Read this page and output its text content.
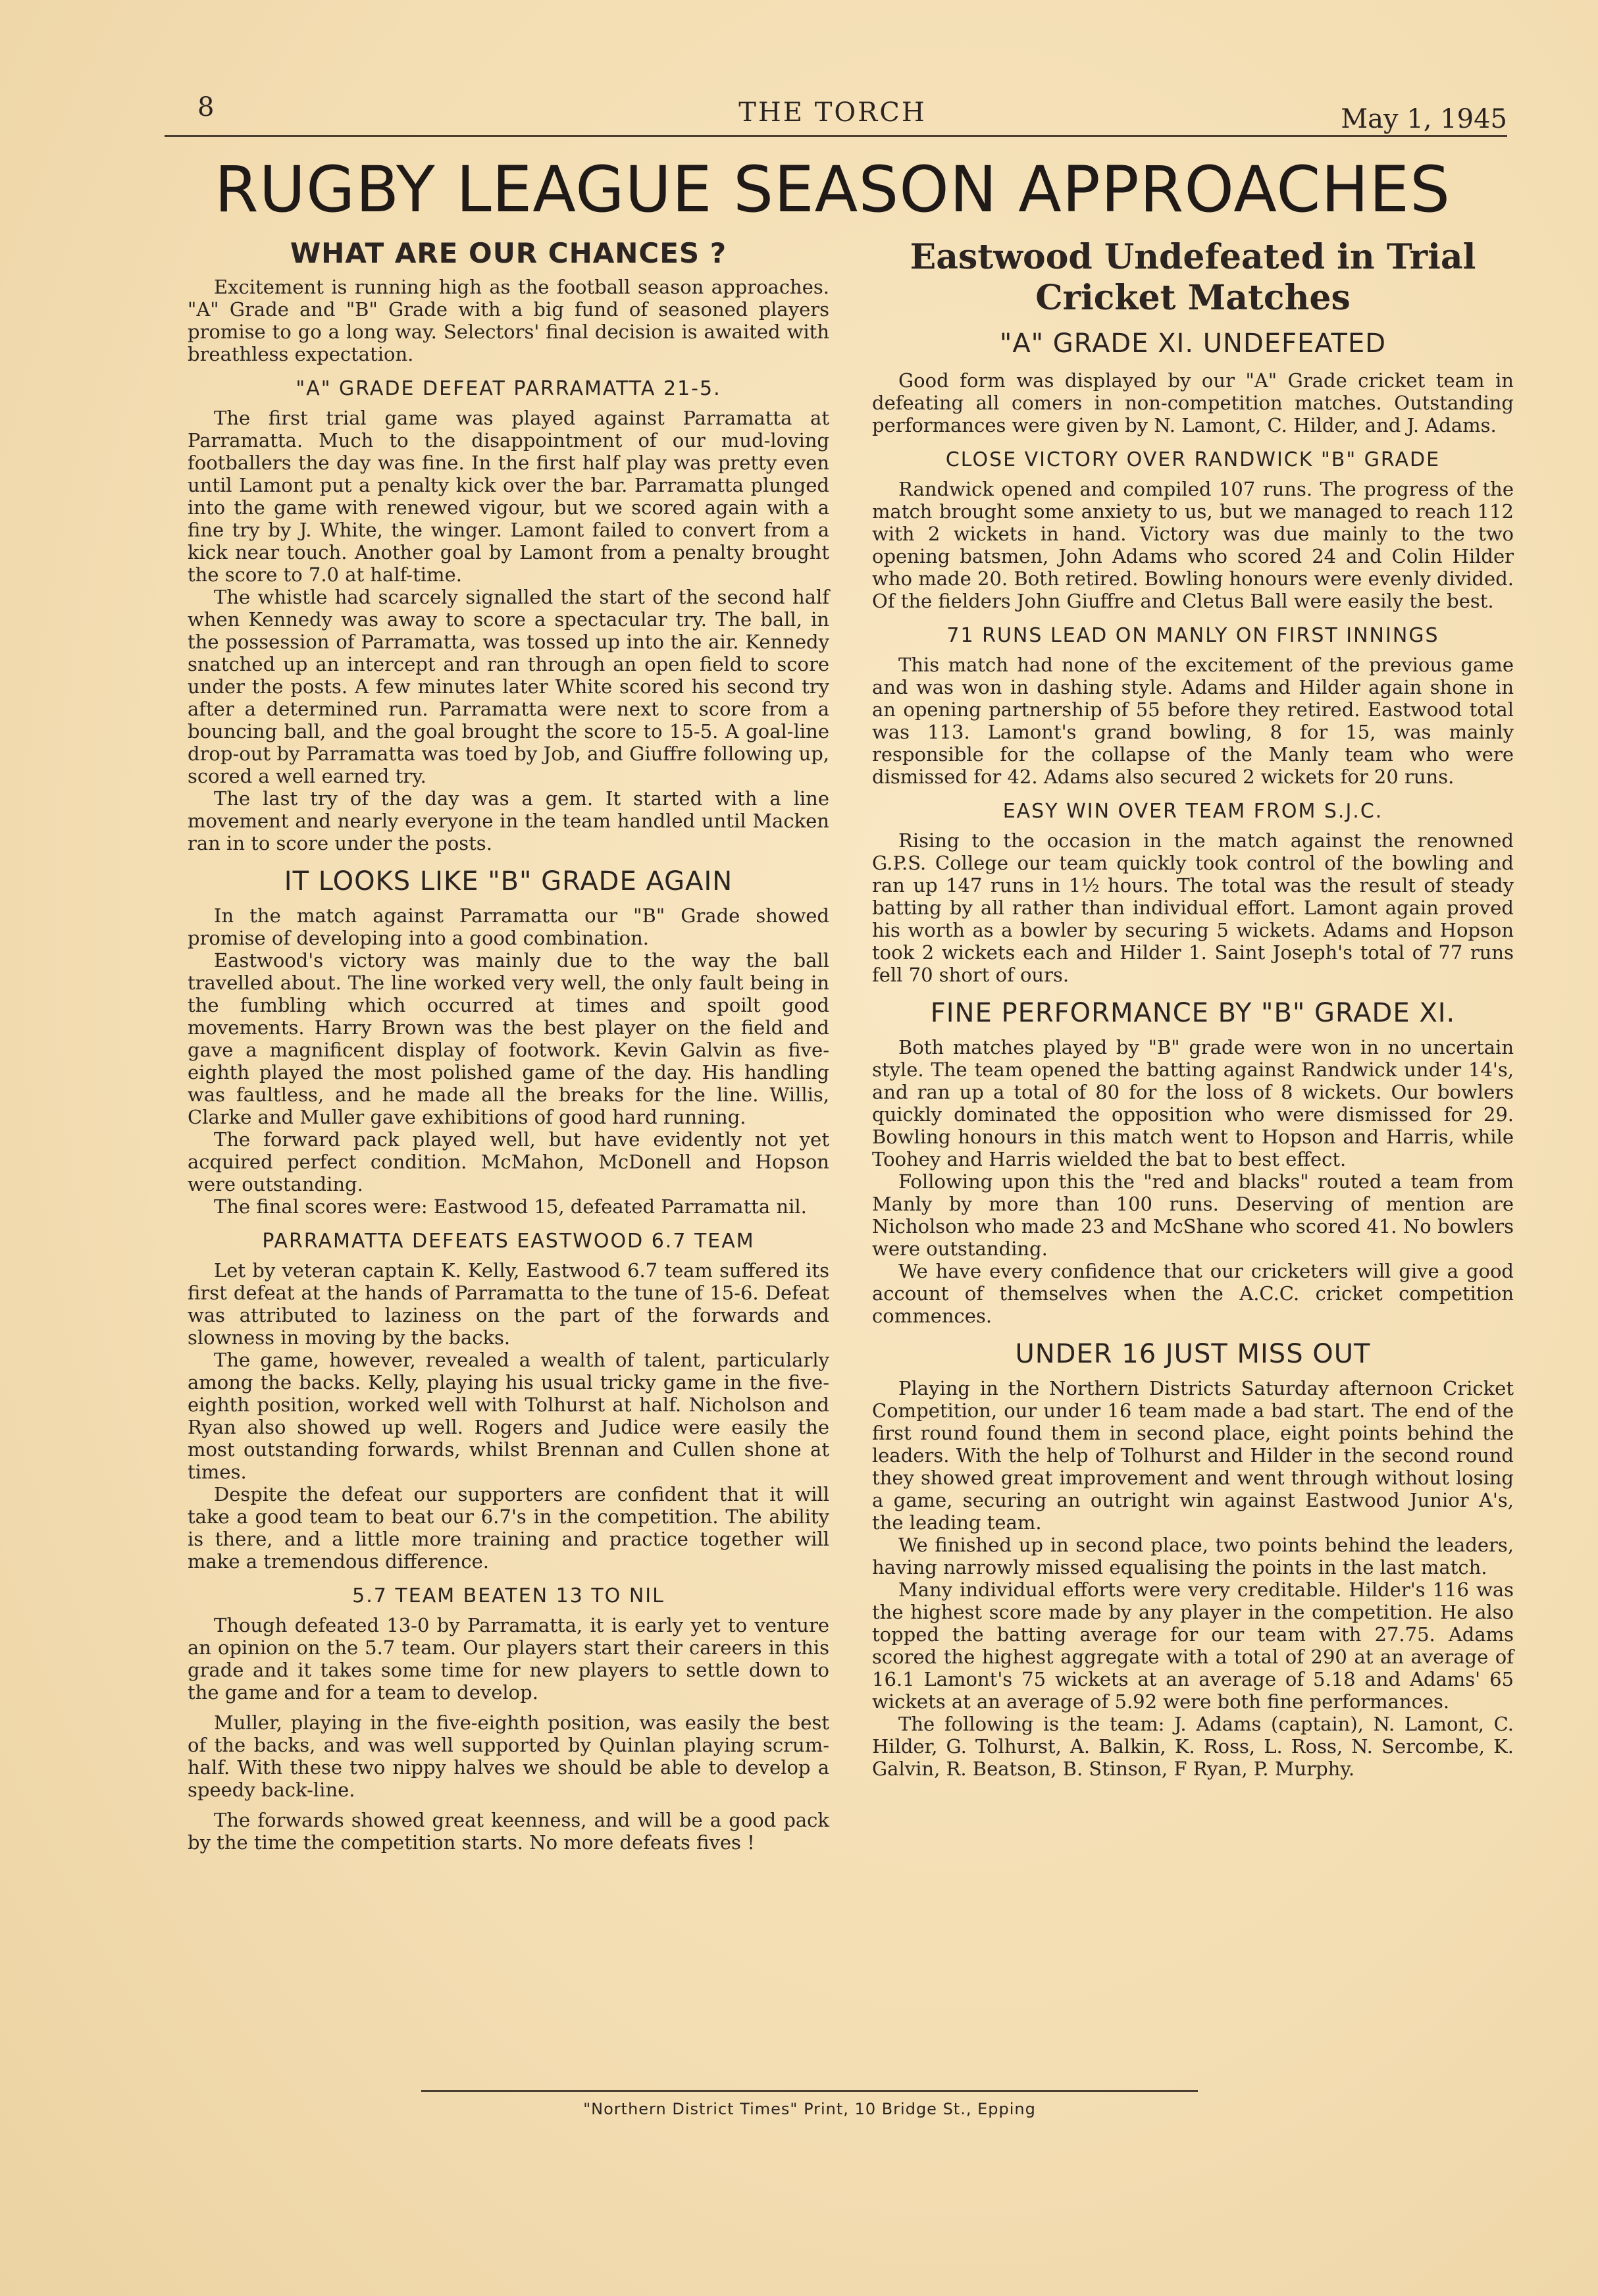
8	THE TORCH	May 1, 1945
RUGBY LEAGUE SEASON APPROACHES
WHAT ARE OUR CHANCES ?

Excitement is running high as the football season approaches. "A" Grade and "B" Grade with a big fund of seasoned players promise to go a long way. Selectors' final decision is awaited with breathless expectation.

"A" GRADE DEFEAT PARRAMATTA 21-5.

The first trial game was played against Parramatta at Parramatta. Much to the disappointment of our mud-loving footballers the day was fine. In the first half play was pretty even until Lamont put a penalty kick over the bar. Parramatta plunged into the game with renewed vigour, but we scored again with a fine try by J. White, the winger. Lamont failed to convert from a kick near touch. Another goal by Lamont from a penalty brought the score to 7.0 at half-time.

The whistle had scarcely signalled the start of the second half when Kennedy was away to score a spectacular try. The ball, in the possession of Parramatta, was tossed up into the air. Kennedy snatched up an intercept and ran through an open field to score under the posts. A few minutes later White scored his second try after a determined run. Parramatta were next to score from a bouncing ball, and the goal brought the score to 15-5. A goal-line drop-out by Parramatta was toed by Job, and Giuffre following up, scored a well earned try.

The last try of the day was a gem. It started with a line movement and nearly everyone in the team handled until Macken ran in to score under the posts.

IT LOOKS LIKE "B" GRADE AGAIN

In the match against Parramatta our "B" Grade showed promise of developing into a good combination.

Eastwood's victory was mainly due to the way the ball travelled about. The line worked very well, the only fault being in the fumbling which occurred at times and spoilt good movements. Harry Brown was the best player on the field and gave a magnificent display of footwork. Kevin Galvin as five-eighth played the most polished game of the day. His handling was faultless, and he made all the breaks for the line. Willis, Clarke and Muller gave exhibitions of good hard running.

The forward pack played well, but have evidently not yet acquired perfect condition. McMahon, McDonell and Hopson were outstanding.

The final scores were: Eastwood 15, defeated Parramatta nil.

PARRAMATTA DEFEATS EASTWOOD 6.7 TEAM

Let by veteran captain K. Kelly, Eastwood 6.7 team suffered its first defeat at the hands of Parramatta to the tune of 15-6. Defeat was attributed to laziness on the part of the forwards and slowness in moving by the backs.

The game, however, revealed a wealth of talent, particularly among the backs. Kelly, playing his usual tricky game in the five-eighth position, worked well with Tolhurst at half. Nicholson and Ryan also showed up well. Rogers and Judice were easily the most outstanding forwards, whilst Brennan and Cullen shone at times.

Despite the defeat our supporters are confident that it will take a good team to beat our 6.7's in the competition. The ability is there, and a little more training and practice together will make a tremendous difference.

5.7 TEAM BEATEN 13 TO NIL

Though defeated 13-0 by Parramatta, it is early yet to venture an opinion on the 5.7 team. Our players start their careers in this grade and it takes some time for new players to settle down to the game and for a team to develop.

Muller, playing in the five-eighth position, was easily the best of the backs, and was well supported by Quinlan playing scrum-half. With these two nippy halves we should be able to develop a speedy back-line.

The forwards showed great keenness, and will be a good pack by the time the competition starts. No more defeats fives !

Eastwood Undefeated in Trial Cricket Matches
"A" GRADE XI. UNDEFEATED

Good form was displayed by our "A" Grade cricket team in defeating all comers in non-competition matches. Outstanding performances were given by N. Lamont, C. Hilder, and J. Adams.

CLOSE VICTORY OVER RANDWICK "B" GRADE

Randwick opened and compiled 107 runs. The progress of the match brought some anxiety to us, but we managed to reach 112 with 2 wickets in hand. Victory was due mainly to the two opening batsmen, John Adams who scored 24 and Colin Hilder who made 20. Both retired. Bowling honours were evenly divided. Of the fielders John Giuffre and Cletus Ball were easily the best.

71 RUNS LEAD ON MANLY ON FIRST INNINGS

This match had none of the excitement of the previous game and was won in dashing style. Adams and Hilder again shone in an opening partnership of 55 before they retired. Eastwood total was 113. Lamont's grand bowling, 8 for 15, was mainly responsible for the collapse of the Manly team who were dismissed for 42. Adams also secured 2 wickets for 20 runs.

EASY WIN OVER TEAM FROM S.J.C.

Rising to the occasion in the match against the renowned G.P.S. College our team quickly took control of the bowling and ran up 147 runs in 1½ hours. The total was the result of steady batting by all rather than individual effort. Lamont again proved his worth as a bowler by securing 5 wickets. Adams and Hopson took 2 wickets each and Hilder 1. Saint Joseph's total of 77 runs fell 70 short of ours.

FINE PERFORMANCE BY "B" GRADE XI.

Both matches played by "B" grade were won in no uncertain style. The team opened the batting against Randwick under 14's, and ran up a total of 80 for the loss of 8 wickets. Our bowlers quickly dominated the opposition who were dismissed for 29. Bowling honours in this match went to Hopson and Harris, while Toohey and Harris wielded the bat to best effect.

Following upon this the "red and blacks" routed a team from Manly by more than 100 runs. Deserving of mention are Nicholson who made 23 and McShane who scored 41. No bowlers were outstanding.

We have every confidence that our cricketers will give a good account of themselves when the A.C.C. cricket competition commences.

UNDER 16 JUST MISS OUT

Playing in the Northern Districts Saturday afternoon Cricket Competition, our under 16 team made a bad start. The end of the first round found them in second place, eight points behind the leaders. With the help of Tolhurst and Hilder in the second round they showed great improvement and went through without losing a game, securing an outright win against Eastwood Junior A's, the leading team.

We finished up in second place, two points behind the leaders, having narrowly missed equalising the points in the last match.

Many individual efforts were very creditable. Hilder's 116 was the highest score made by any player in the competition. He also topped the batting average for our team with 27.75. Adams scored the highest aggregate with a total of 290 at an average of 16.1 Lamont's 75 wickets at an average of 5.18 and Adams' 65 wickets at an average of 5.92 were both fine performances.

The following is the team: J. Adams (captain), N. Lamont, C. Hilder, G. Tolhurst, A. Balkin, K. Ross, L. Ross, N. Sercombe, K. Galvin, R. Beatson, B. Stinson, F Ryan, P. Murphy.

"Northern District Times" Print, 10 Bridge St., Epping
